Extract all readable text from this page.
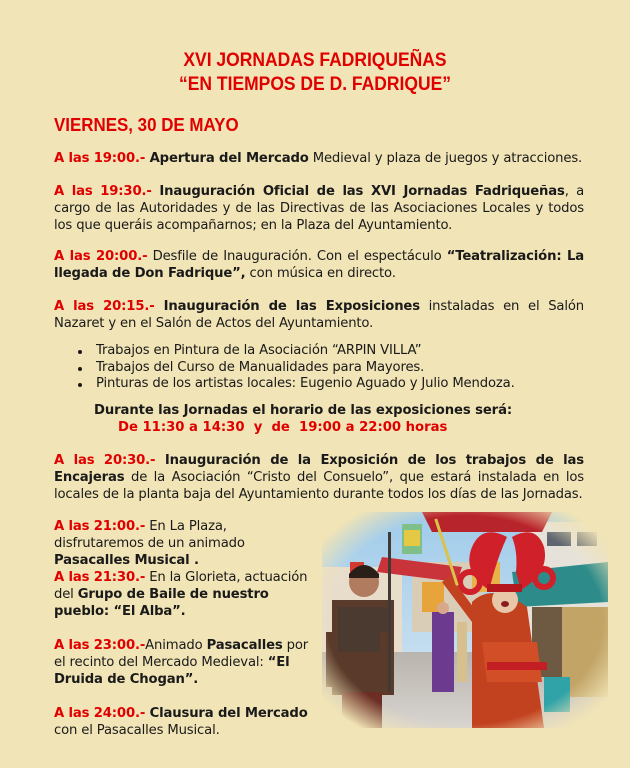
XVI JORNADAS FADRIQUEÑAS
“EN TIEMPOS DE D. FADRIQUE”
VIERNES, 30 DE MAYO
A las 19:00.- Apertura del Mercado Medieval y plaza de juegos y atracciones.
A las 19:30.- Inauguración Oficial de las XVI Jornadas Fadriqueñas, a cargo de las Autoridades y de las Directivas de las Asociaciones Locales y todos los que queráis acompañarnos; en la Plaza del Ayuntamiento.
A las 20:00.- Desfile de Inauguración. Con el espectáculo “Teatralización: La llegada de Don Fadrique”, con música en directo.
A las 20:15.- Inauguración de las Exposiciones instaladas en el Salón Nazaret y en el Salón de Actos del Ayuntamiento.
Trabajos en Pintura de la Asociación “ARPIN VILLA”
Trabajos del Curso de Manualidades para Mayores.
Pinturas de los artistas locales: Eugenio Aguado y Julio Mendoza.
Durante las Jornadas el horario de las exposiciones será:
De 11:30 a 14:30  y  de  19:00 a 22:00 horas
A las 20:30.- Inauguración de la Exposición de los trabajos de las Encajeras de la Asociación “Cristo del Consuelo”, que estará instalada en los locales de la planta baja del Ayuntamiento durante todos los días de las Jornadas.
A las 21:00.- En La Plaza, disfrutaremos de un animado Pasacalles Musical .
A las 21:30.- En la Glorieta, actuación del Grupo de Baile de nuestro pueblo: “El Alba”.
A las 23:00.-Animado Pasacalles por el recinto del Mercado Medieval: “El Druida de Chogan”.
A las 24:00.- Clausura del Mercado con el Pasacalles Musical.
